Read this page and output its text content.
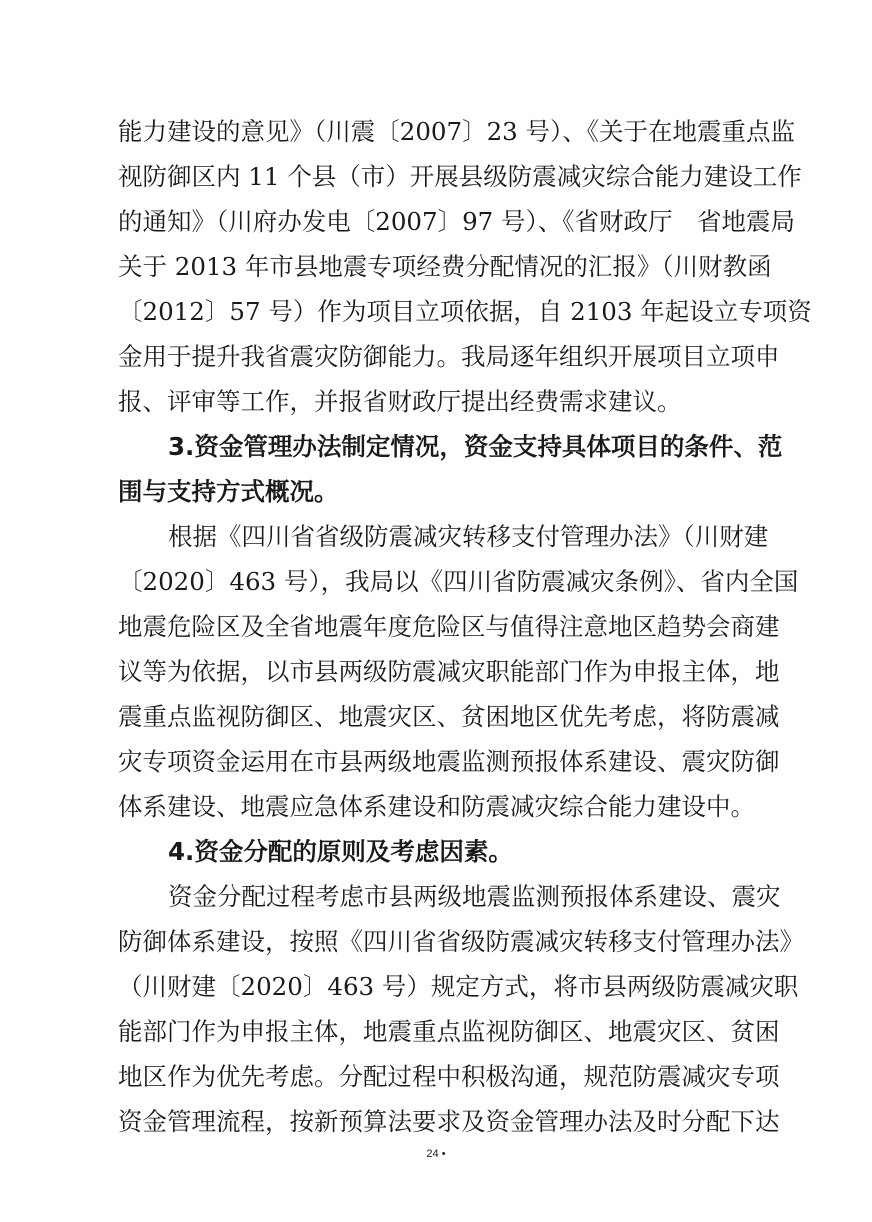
能力建设的意见》（川震〔2007〕23 号）、《关于在地震重点监
视防御区内 11 个县（市）开展县级防震减灾综合能力建设工作
的通知》（川府办发电〔2007〕97 号）、《省财政厅　省地震局
关于 2013 年市县地震专项经费分配情况的汇报》（川财教函
〔2012〕57 号）作为项目立项依据，自 2103 年起设立专项资
金用于提升我省震灾防御能力。我局逐年组织开展项目立项申
报、评审等工作，并报省财政厅提出经费需求建议。
3.资金管理办法制定情况，资金支持具体项目的条件、范
围与支持方式概况。
根据《四川省省级防震减灾转移支付管理办法》（川财建
〔2020〕463 号），我局以《四川省防震减灾条例》、省内全国
地震危险区及全省地震年度危险区与值得注意地区趋势会商建
议等为依据，以市县两级防震减灾职能部门作为申报主体，地
震重点监视防御区、地震灾区、贫困地区优先考虑，将防震减
灾专项资金运用在市县两级地震监测预报体系建设、震灾防御
体系建设、地震应急体系建设和防震减灾综合能力建设中。
4.资金分配的原则及考虑因素。
资金分配过程考虑市县两级地震监测预报体系建设、震灾
防御体系建设，按照《四川省省级防震减灾转移支付管理办法》
（川财建〔2020〕463 号）规定方式，将市县两级防震减灾职
能部门作为申报主体，地震重点监视防御区、地震灾区、贫困
地区作为优先考虑。分配过程中积极沟通，规范防震减灾专项
24 •
资金管理流程，按新预算法要求及资金管理办法及时分配下达
